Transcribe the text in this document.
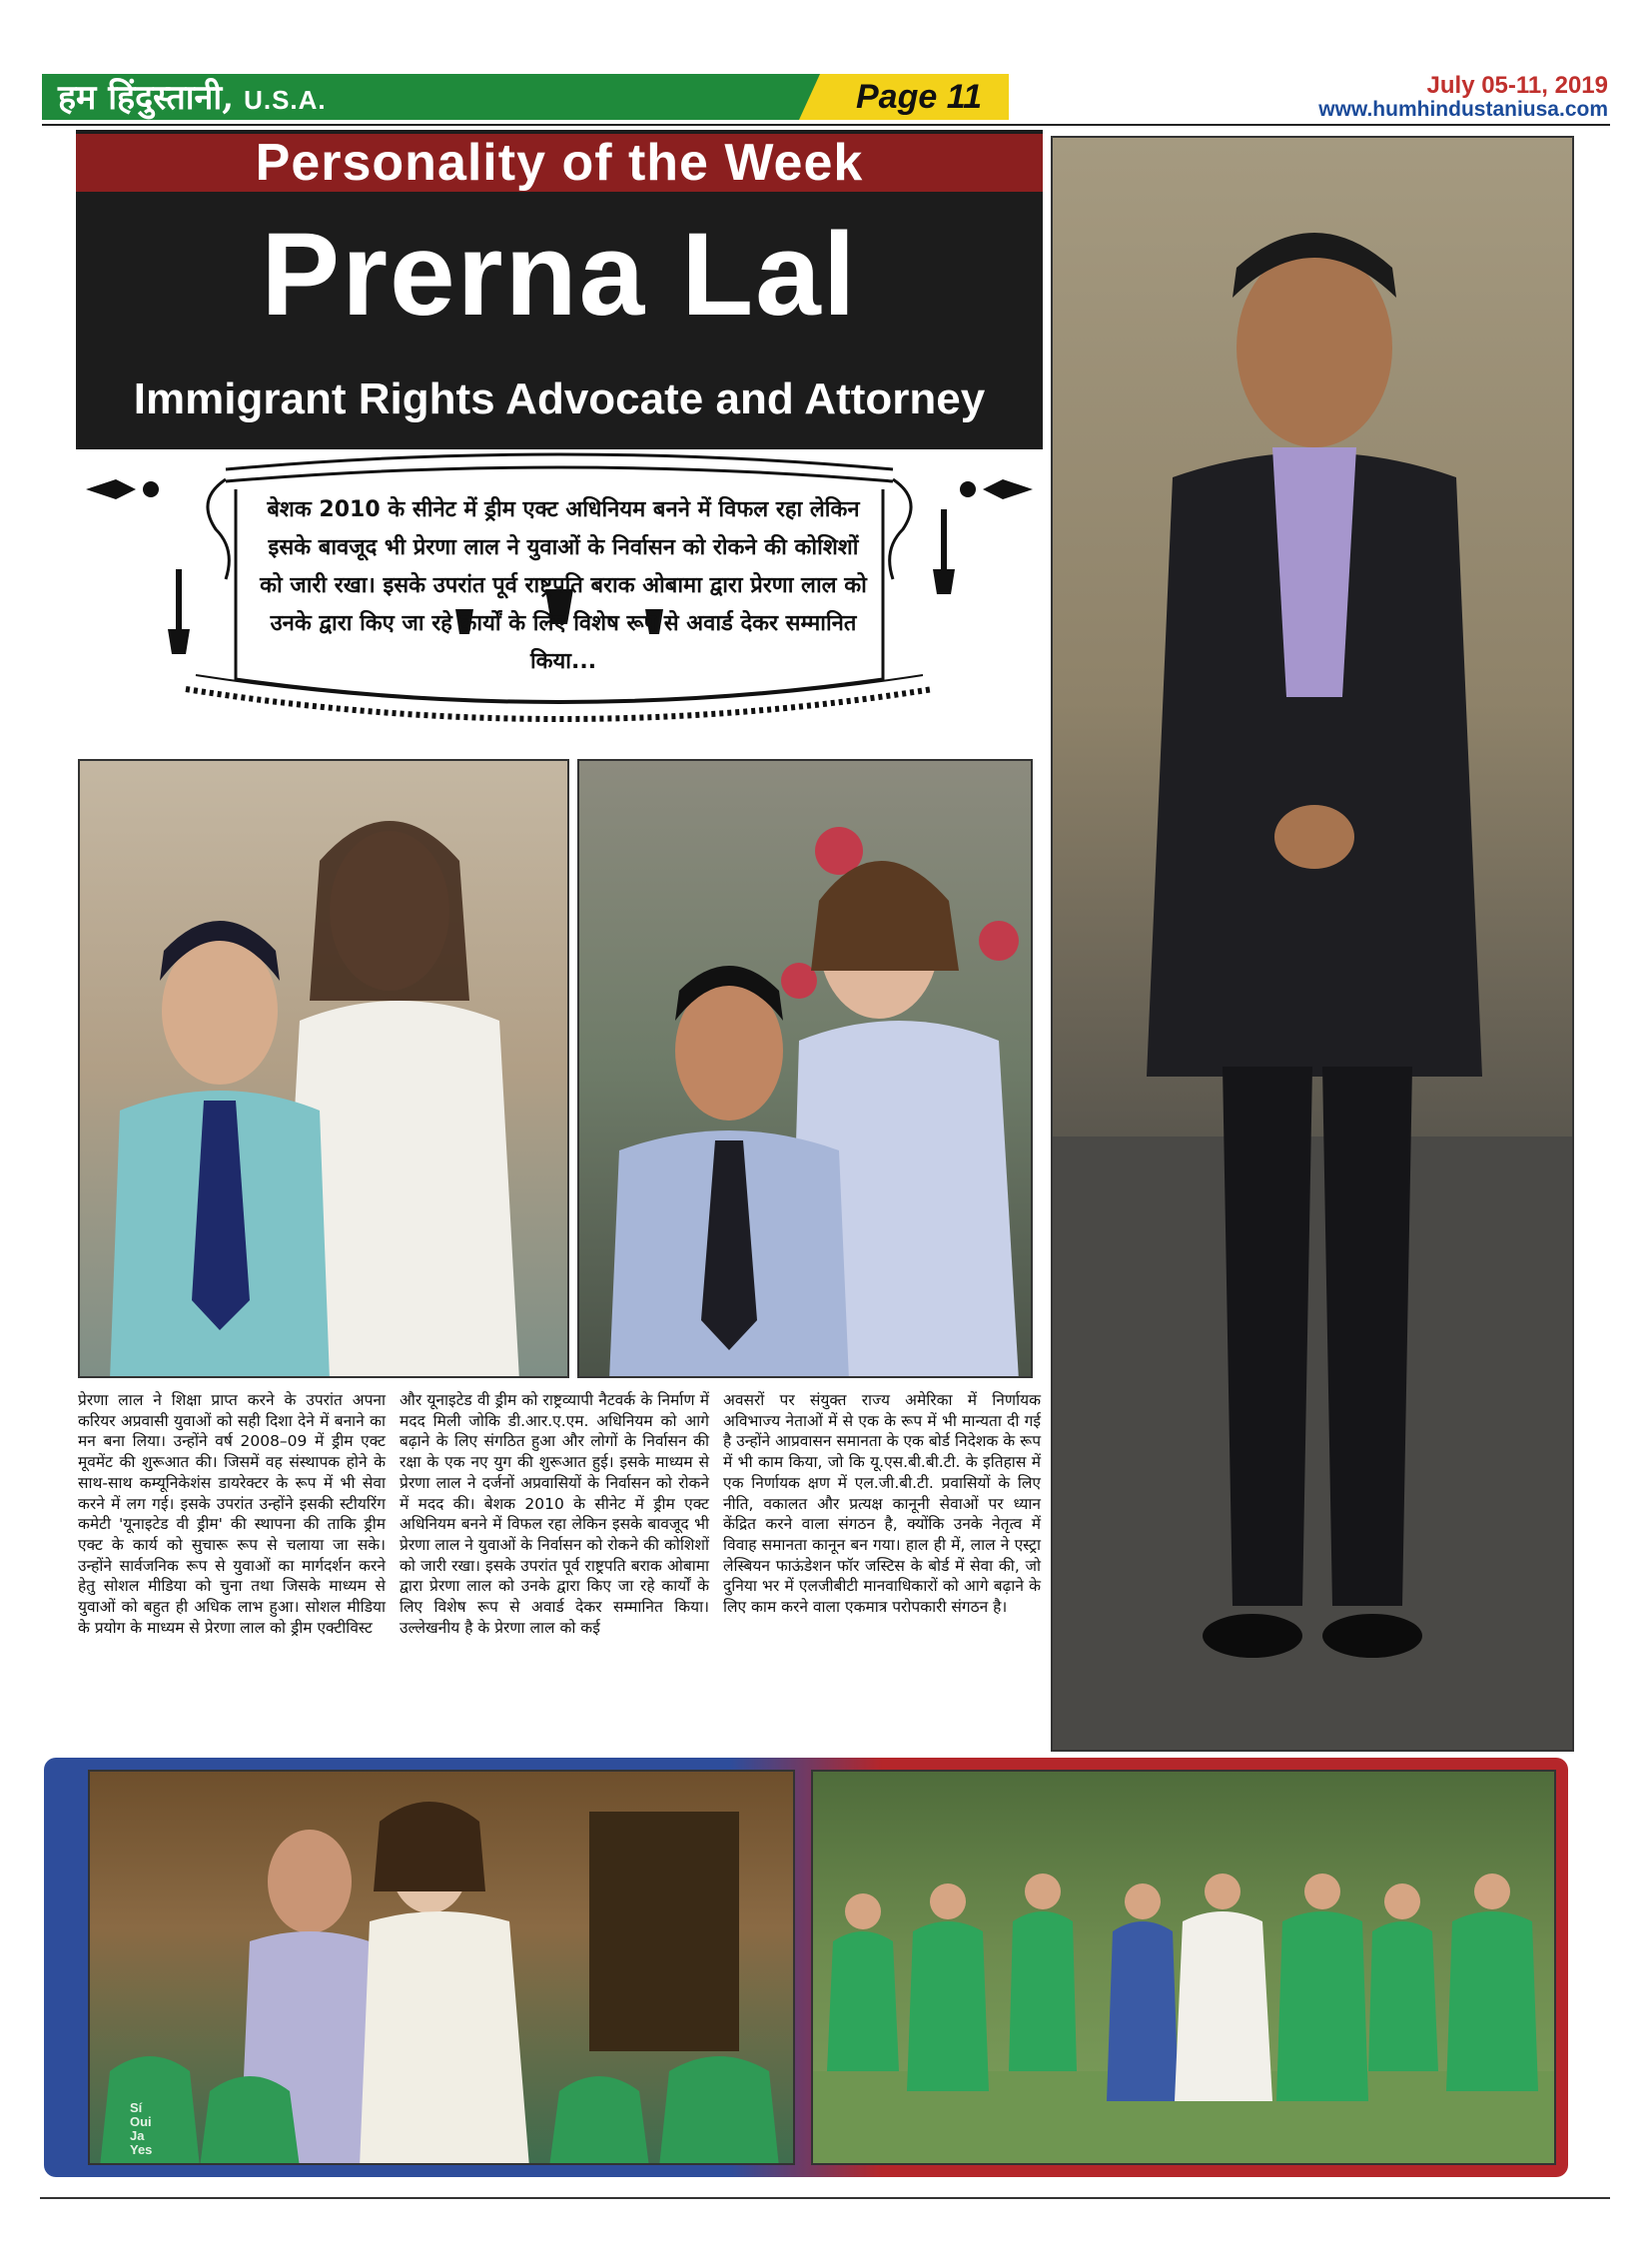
हम हिंदुस्तानी, U.S.A.	Page 11	July 05-11, 2019
www.humhindustaniusa.com
Personality of the Week
Prerna Lal
Immigrant Rights Advocate and Attorney
बेशक 2010 के सीनेट में ड्रीम एक्ट अधिनियम बनने में विफल रहा लेकिन इसके बावजूद भी प्रेरणा लाल ने युवाओं के निर्वासन को रोकने की कोशिशों को जारी रखा। इसके उपरांत पूर्व राष्ट्रपति बराक ओबामा द्वारा प्रेरणा लाल को उनके द्वारा किए जा रहे कार्यों के लिए विशेष रूप से अवार्ड देकर सम्मानित किया...

प्रेरणा लाल ने शिक्षा प्राप्त करने के उपरांत अपना करियर अप्रवासी युवाओं को सही दिशा देने में बनाने का मन बना लिया। उन्होंने वर्ष 2008–09 में ड्रीम एक्ट मूवमेंट की शुरूआत की। जिसमें वह संस्थापक होने के साथ-साथ कम्यूनिकेशंस डायरेक्टर के रूप में भी सेवा करने में लग गई। इसके उपरांत उन्होंने इसकी स्टीयरिंग कमेटी 'यूनाइटेड वी ड्रीम' की स्थापना की ताकि ड्रीम एक्ट के कार्य को सुचारू रूप से चलाया जा सके। उन्होंने सार्वजनिक रूप से युवाओं का मार्गदर्शन करने हेतु सोशल मीडिया को चुना तथा जिसके माध्यम से युवाओं को बहुत ही अधिक लाभ हुआ। सोशल मीडिया के प्रयोग के माध्यम से प्रेरणा लाल को ड्रीम एक्टीविस्ट

और यूनाइटेड वी ड्रीम को राष्ट्रव्यापी नैटवर्क के निर्माण में मदद मिली जोकि डी.आर.ए.एम. अधिनियम को आगे बढ़ाने के लिए संगठित हुआ और लोगों के निर्वासन की रक्षा के एक नए युग की शुरूआत हुई। इसके माध्यम से प्रेरणा लाल ने दर्जनों अप्रवासियों के निर्वासन को रोकने में मदद की। बेशक 2010 के सीनेट में ड्रीम एक्ट अधिनियम बनने में विफल रहा लेकिन इसके बावजूद भी प्रेरणा लाल ने युवाओं के निर्वासन को रोकने की कोशिशों को जारी रखा। इसके उपरांत पूर्व राष्ट्रपति बराक ओबामा द्वारा प्रेरणा लाल को उनके द्वारा किए जा रहे कार्यों के लिए विशेष रूप से अवार्ड देकर सम्मानित किया। उल्लेखनीय है के प्रेरणा लाल को कई

अवसरों पर संयुक्त राज्य अमेरिका में निर्णायक अविभाज्य नेताओं में से एक के रूप में भी मान्यता दी गई है उन्होंने आप्रवासन समानता के एक बोर्ड निदेशक के रूप में भी काम किया, जो कि यू.एस.बी.बी.टी. के इतिहास में एक निर्णायक क्षण में एल.जी.बी.टी. प्रवासियों के लिए नीति, वकालत और प्रत्यक्ष कानूनी सेवाओं पर ध्यान केंद्रित करने वाला संगठन है, क्योंकि उनके नेतृत्व में विवाह समानता कानून बन गया। हाल ही में, लाल ने एस्ट्रा लेस्बियन फाऊंडेशन फॉर जस्टिस के बोर्ड में सेवा की, जो दुनिया भर में एलजीबीटी मानवाधिकारों को आगे बढ़ाने के लिए काम करने वाला एकमात्र परोपकारी संगठन है।

Sí
Oui
Ja
Yes
